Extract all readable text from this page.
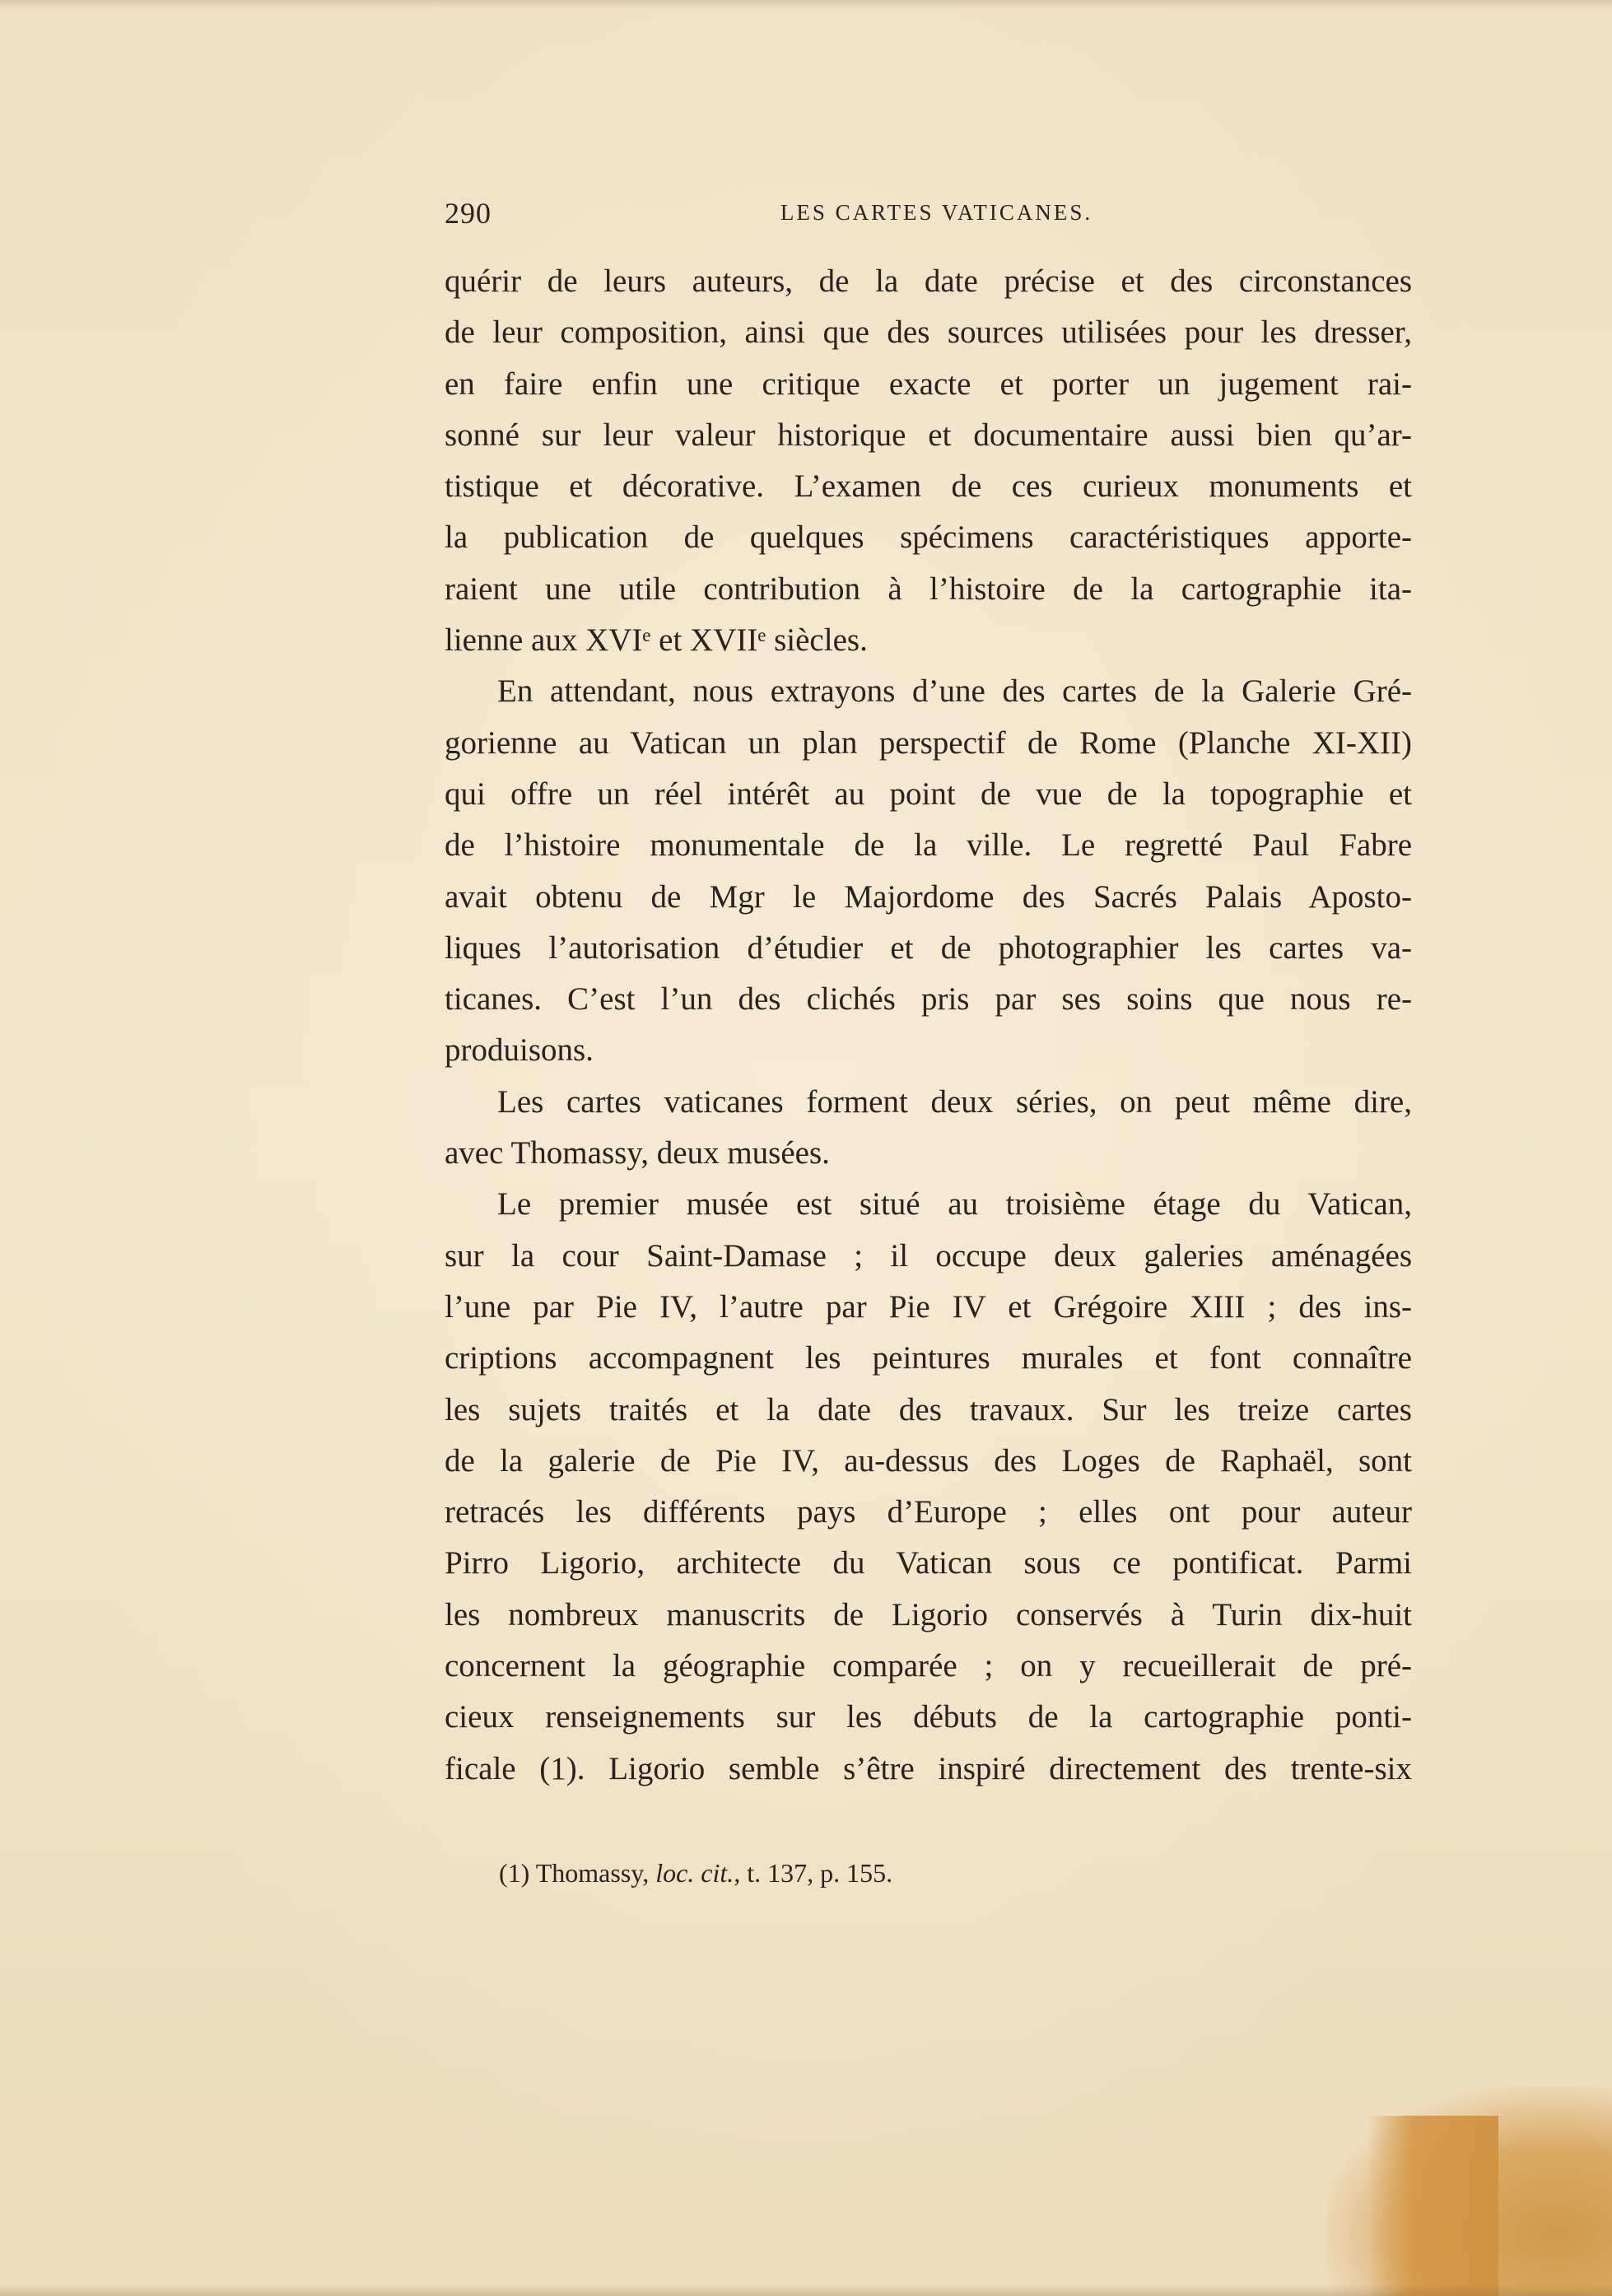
290	LES CARTES VATICANES.

quérir de leurs auteurs, de la date précise et des circonstances
de leur composition, ainsi que des sources utilisées pour les dresser,
en faire enfin une critique exacte et porter un jugement rai-
sonné sur leur valeur historique et documentaire aussi bien qu’ar-
tistique et décorative. L’examen de ces curieux monuments et
la publication de quelques spécimens caractéristiques apporte-
raient une utile contribution à l’histoire de la cartographie ita-
lienne aux XVIᵉ et XVIIᵉ siècles.

En attendant, nous extrayons d’une des cartes de la Galerie Gré-
gorienne au Vatican un plan perspectif de Rome (Planche XI-XII)
qui offre un réel intérêt au point de vue de la topographie et
de l’histoire monumentale de la ville. Le regretté Paul Fabre
avait obtenu de Mgr le Majordome des Sacrés Palais Aposto-
liques l’autorisation d’étudier et de photographier les cartes va-
ticanes. C’est l’un des clichés pris par ses soins que nous re-
produisons.

Les cartes vaticanes forment deux séries, on peut même dire,
avec Thomassy, deux musées.

Le premier musée est situé au troisième étage du Vatican,
sur la cour Saint-Damase ; il occupe deux galeries aménagées
l’une par Pie IV, l’autre par Pie IV et Grégoire XIII ; des ins-
criptions accompagnent les peintures murales et font connaître
les sujets traités et la date des travaux. Sur les treize cartes
de la galerie de Pie IV, au-dessus des Loges de Raphaël, sont
retracés les différents pays d’Europe ; elles ont pour auteur
Pirro Ligorio, architecte du Vatican sous ce pontificat. Parmi
les nombreux manuscrits de Ligorio conservés à Turin dix-huit
concernent la géographie comparée ; on y recueillerait de pré-
cieux renseignements sur les débuts de la cartographie ponti-
ficale (1). Ligorio semble s’être inspiré directement des trente-six

(1) Thomassy, loc. cit., t. 137, p. 155.
